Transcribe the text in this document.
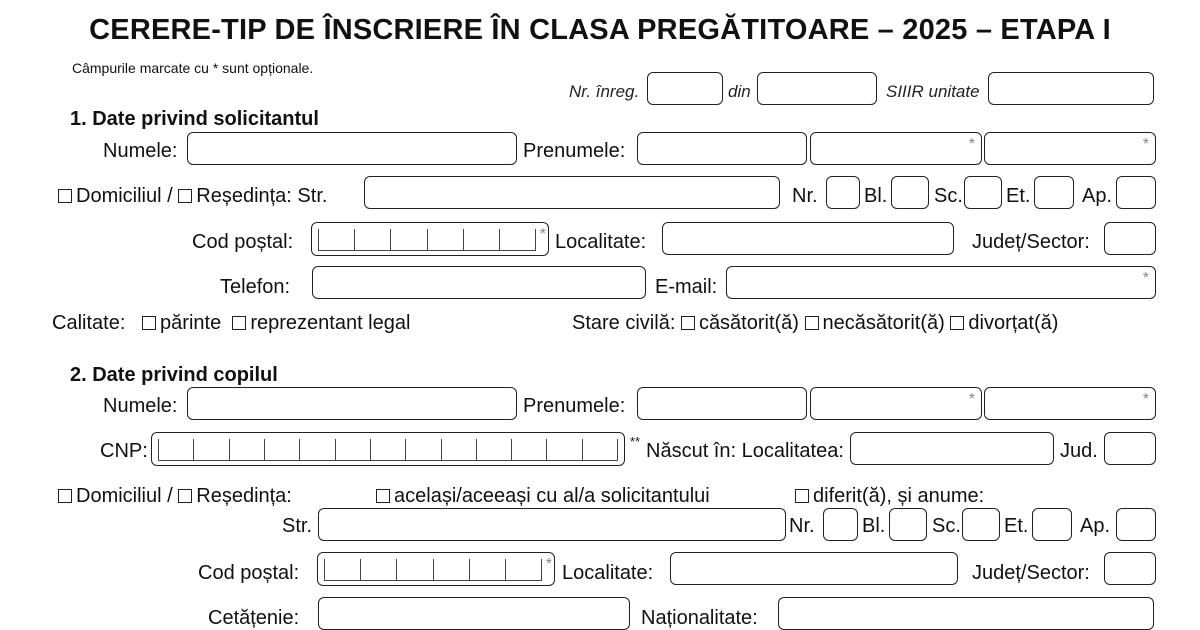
CERERE-TIP DE ÎNSCRIERE ÎN CLASA PREGĂTITOARE – 2025 – ETAPA I
Câmpurile marcate cu * sunt opționale.
Nr. înreg.	din	SIIIR unitate
1. Date privind solicitantul
Numele:	Prenumele:	*	*
Domiciliul / Reședința: Str.	Nr. Bl. Sc. Et.	Ap.
Cod poștal:	* Localitate:	Județ/Sector:
Telefon:	E-mail:	*
Calitate: părinte reprezentant legal	Stare civilă: căsătorit(ă) necăsătorit(ă) divorțat(ă)
2. Date privind copilul
Numele:	Prenumele:	*	*
CNP:	** Născut în: Localitatea:	Jud.
Domiciliul / Reședința:	același/aceeași cu al/a solicitantului	diferit(ă), și anume:
Str.	Nr. Bl. Sc. Et.	Ap.
Cod poștal:	* Localitate:	Județ/Sector:
Cetățenie:	Naționalitate:
